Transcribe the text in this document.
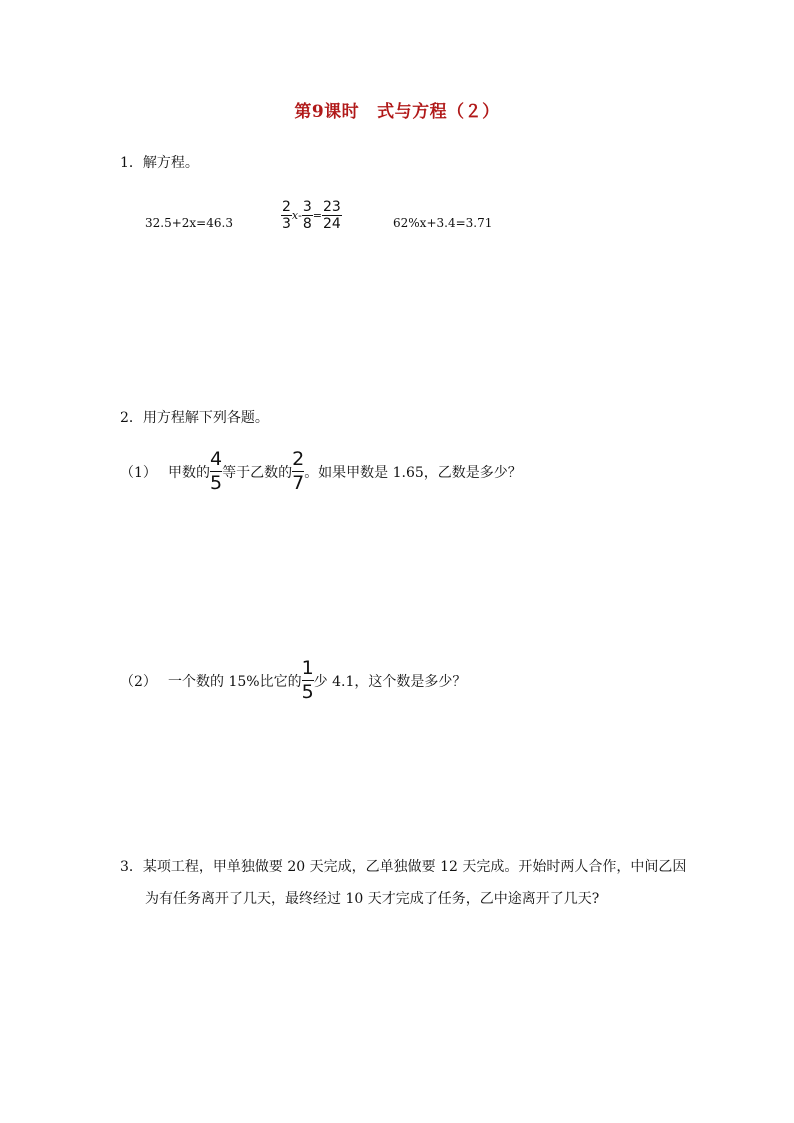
第9课时 式与方程（２）
1．解方程。
32.5+2x=46.3	$\frac{2}{3}$ $x - \frac{3}{8} = \frac{23}{24}$	62%x+3.4=3.71
2．用方程解下列各题。
（1） 甲数的 $\frac{4}{5}$ 等于乙数的 $\frac{2}{7}$ 。如果甲数是 1.65，乙数是多少？
（2） 一个数的 15%比它的 $\frac{1}{5}$ 少 4.1，这个数是多少？
3．某项工程，甲单独做要 20 天完成，乙单独做要 12 天完成。开始时两人合作，中间乙因
为有任务离开了几天，最终经过 10 天才完成了任务，乙中途离开了几天?
